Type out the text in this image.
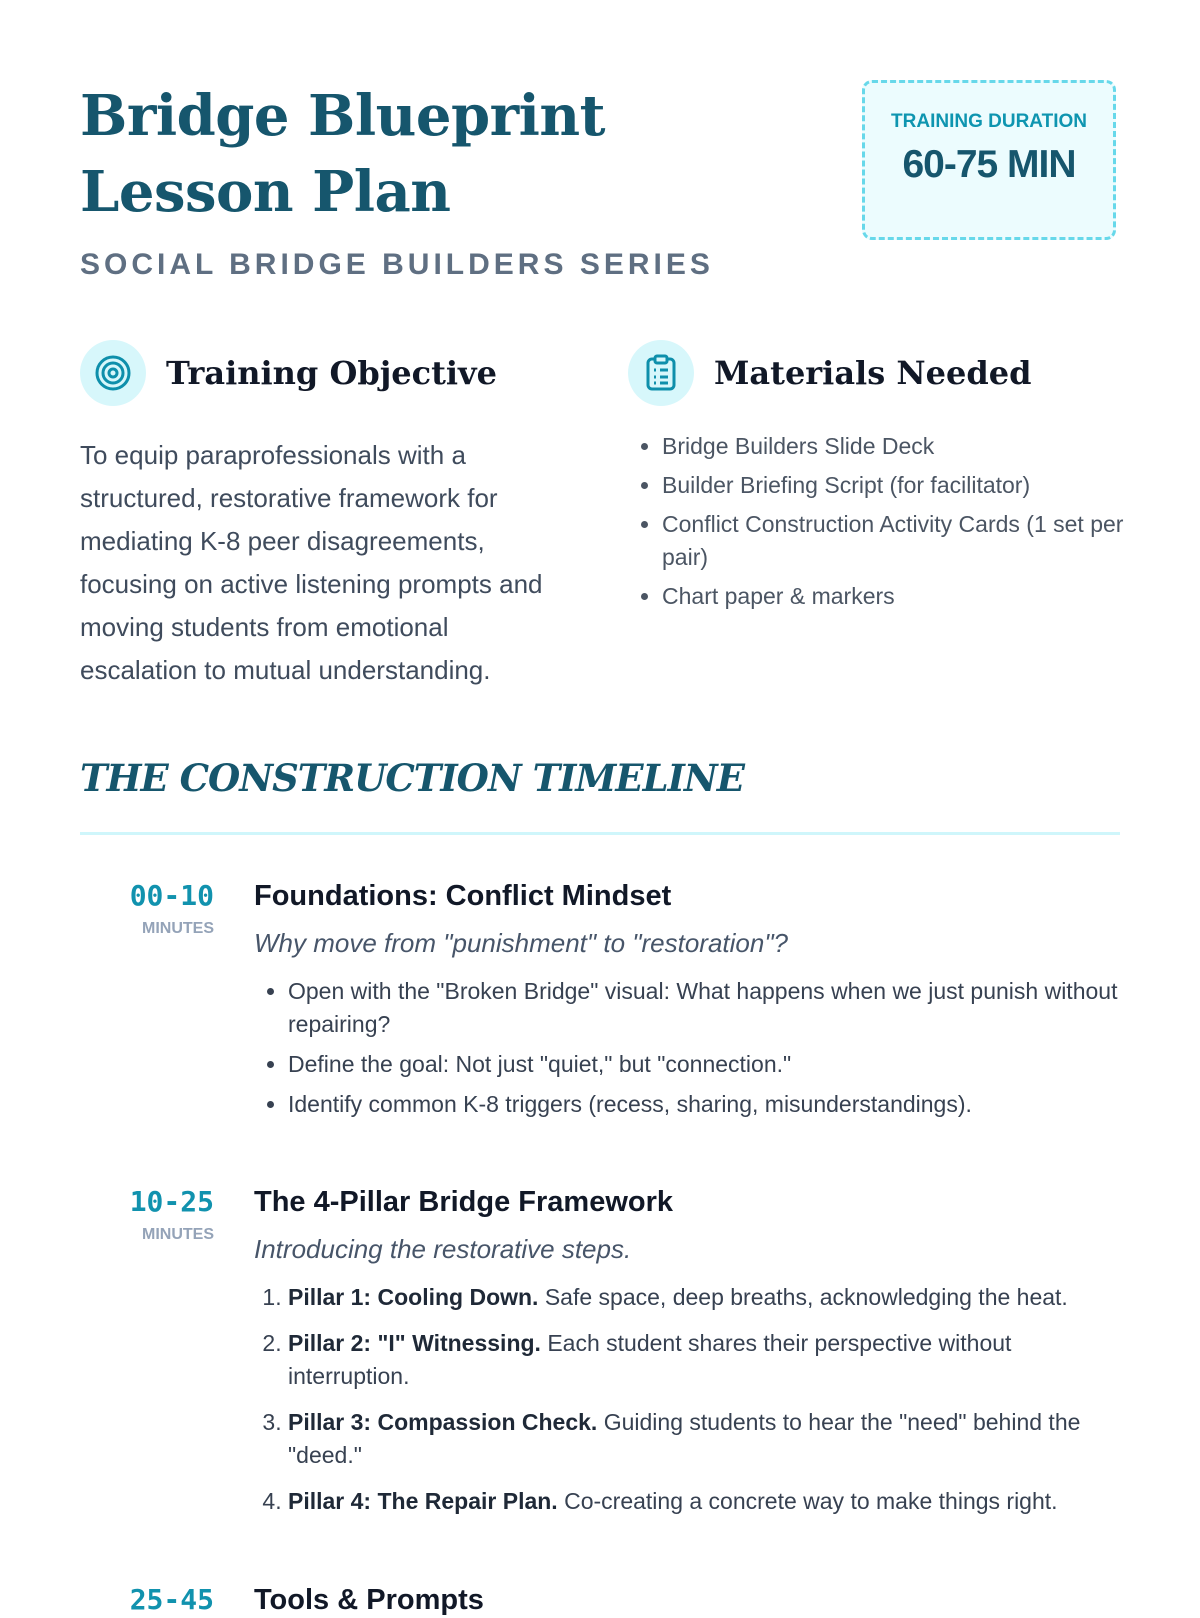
Bridge Blueprint Lesson Plan
SOCIAL BRIDGE BUILDERS SERIES
TRAINING DURATION
60-75 MIN
Training Objective

To equip paraprofessionals with a structured, restorative framework for mediating K-8 peer disagreements, focusing on active listening prompts and moving students from emotional escalation to mutual understanding.

Materials Needed
• Bridge Builders Slide Deck
• Builder Briefing Script (for facilitator)
• Conflict Construction Activity Cards (1 set per pair)
• Chart paper & markers
THE CONSTRUCTION TIMELINE
00-10
MINUTES
Foundations: Conflict Mindset

Why move from "punishment" to "restoration"?

• Open with the "Broken Bridge" visual: What happens when we just punish without repairing?
• Define the goal: Not just "quiet," but "connection."
• Identify common K-8 triggers (recess, sharing, misunderstandings).
10-25
MINUTES
The 4-Pillar Bridge Framework

Introducing the restorative steps.

1. Pillar 1: Cooling Down. Safe space, deep breaths, acknowledging the heat.
2. Pillar 2: "I" Witnessing. Each student shares their perspective without interruption.
3. Pillar 3: Compassion Check. Guiding students to hear the "need" behind the "deed."
4. Pillar 4: The Repair Plan. Co-creating a concrete way to make things right.
25-45 Tools & Prompts
